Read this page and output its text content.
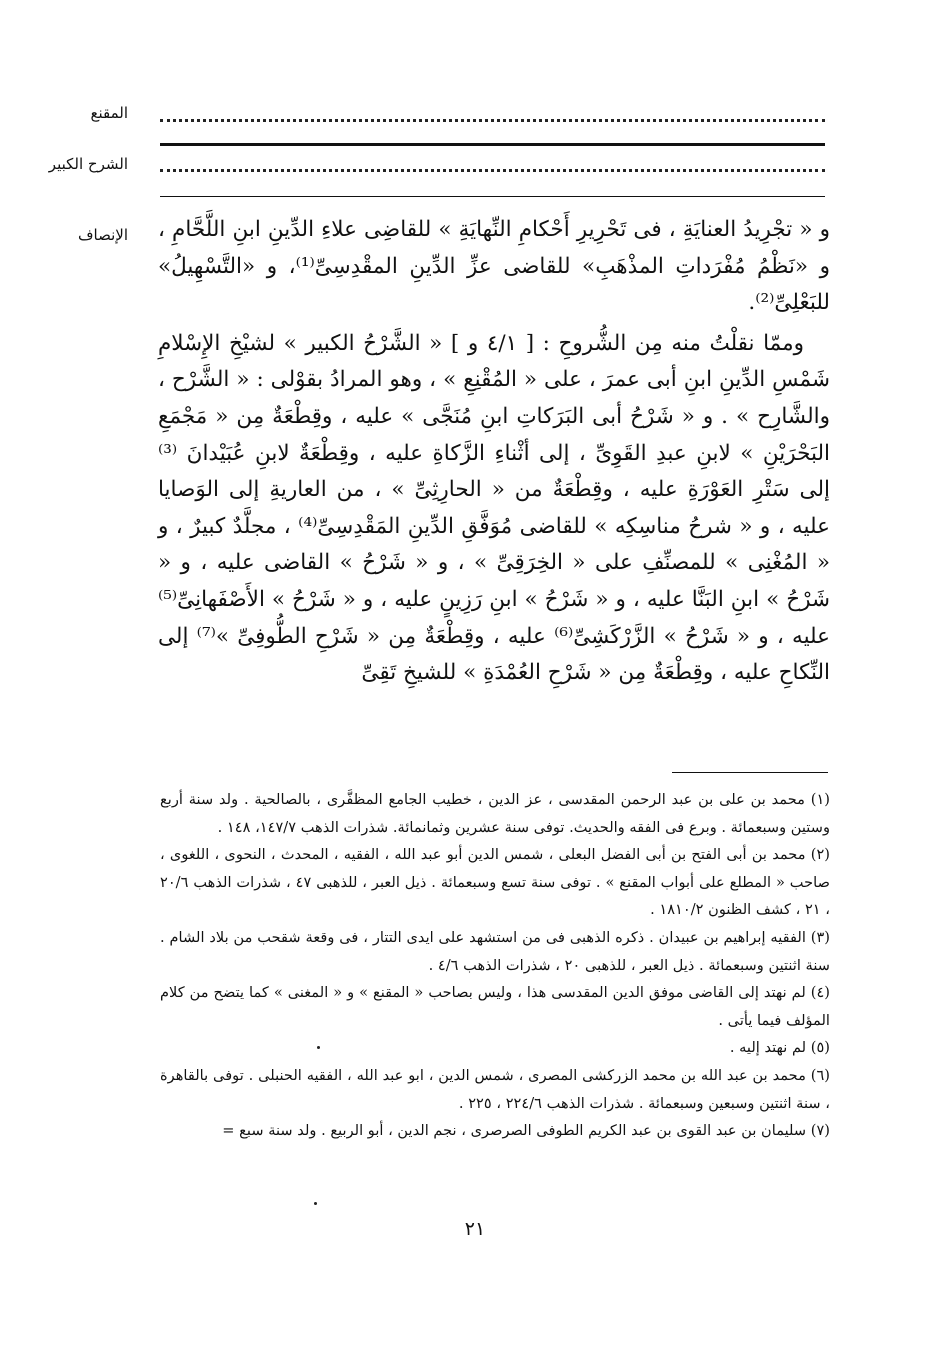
المقنع
الشرح الكبير
الإنصاف و « تجْرِيدُ العنايَةِ ، فى تَحْرِيرِ أَحْكامِ النِّهايَةِ » للقاضِى علاءِ الدِّينِ ابنِ اللَّحَّامِ ، و «نَظْمُ مُفْرَداتِ المذْهَبِ» للقاضى عزِّ الدِّينِ المقْدِسِىِّ⁽¹⁾، و «التَّسْهِيلُ» للبَعْلِىِّ⁽²⁾.

وممّا نقلْتُ منه مِن الشُّروحِ : [ ٤/١ و ] « الشَّرْحُ الكبير » لشيْخِ الإِسْلامِ شَمْسِ الدِّينِ ابنِ أبى عمرَ ، على « المُقْنِعِ » ، وهو المرادُ بقوْلى : « الشَّرْح ، والشَّارِح » . و « شَرْحُ أبى البَرَكاتِ ابنِ مُنَجَّى » عليه ، وقِطْعَةٌ مِن « مَجْمَعِ البَحْرَيْنِ » لابنِ عبدِ القَوِىِّ ، إلى أثْناءِ الزَّكاةِ عليه ، وقِطْعَةٌ لابنِ عُبَيْدانَ ⁽³⁾ إلى سَتْرِ العَوْرَةِ عليه ، وقِطْعَةٌ من « الحارِثِىِّ » ، من العاريةِ إلى الوَصايا عليه ، و « شرحُ مناسِكِه » للقاضى مُوَفَّقِ الدِّينِ المَقْدِسِىِّ⁽⁴⁾ ، مجلَّدٌ كبيرٌ ، و « المُغْنِى » للمصنِّفِ على « الخِرَقِىِّ » ، و « شَرْحُ » القاضى عليه ، و « شَرْحُ » ابنِ البَنَّا عليه ، و « شَرْحُ » ابنِ رَزِينٍ عليه ، و « شَرْحُ » الأَصْفَهانِىِّ⁽⁵⁾ عليه ، و « شَرْحُ » الزَّرْكَشِىِّ⁽⁶⁾ عليه ، وقِطْعَةٌ مِن « شَرْحِ الطُّوفِىِّ »⁽⁷⁾ إلى النِّكاحِ عليه ، وقِطْعَةٌ مِن « شَرْحِ العُمْدَةِ » للشيخِ تَقِىِّ

(١) محمد بن على بن عبد الرحمن المقدسى ، عز الدين ، خطيب الجامع المظفَّرى ، بالصالحية . ولد سنة أربع وستين وسبعمائة . وبرع فى الفقه والحديث. توفى سنة عشرين وثمانمائة. شذرات الذهب ١٤٧/٧، ١٤٨ .

(٢) محمد بن أبى الفتح بن أبى الفضل البعلى ، شمس الدين أبو عبد الله ، الفقيه ، المحدث ، النحوى ، اللغوى ، صاحب « المطلع على أبواب المقنع » . توفى سنة تسع وسبعمائة . ذيل العبر ، للذهبى ٤٧ ، شذرات الذهب ٢٠/٦ ، ٢١ ، كشف الظنون ١٨١٠/٢ .

(٣) الفقيه إبراهيم بن عبيدان . ذكره الذهبى فى من استشهد على ايدى التتار ، فى وقعة شقحب من بلاد الشام . سنة اثنتين وسبعمائة . ذيل العبر ، للذهبى ٢٠ ، شذرات الذهب ٤/٦ .

(٤) لم نهتد إلى القاضى موفق الدين المقدسى هذا ، وليس بصاحب « المقنع » و « المغنى » كما يتضح من كلام المؤلف فيما يأتى .

(٥) لم نهتد إليه .

(٦) محمد بن عبد الله بن محمد الزركشى المصرى ، شمس الدين ، ابو عبد الله ، الفقيه الحنبلى . توفى بالقاهرة ، سنة اثنتين وسبعين وسبعمائة . شذرات الذهب ٢٢٤/٦ ، ٢٢٥ .

(٧) سليمان بن عبد القوى بن عبد الكريم الطوفى الصرصرى ، نجم الدين ، أبو الربيع . ولد سنة سبع =

٢١
